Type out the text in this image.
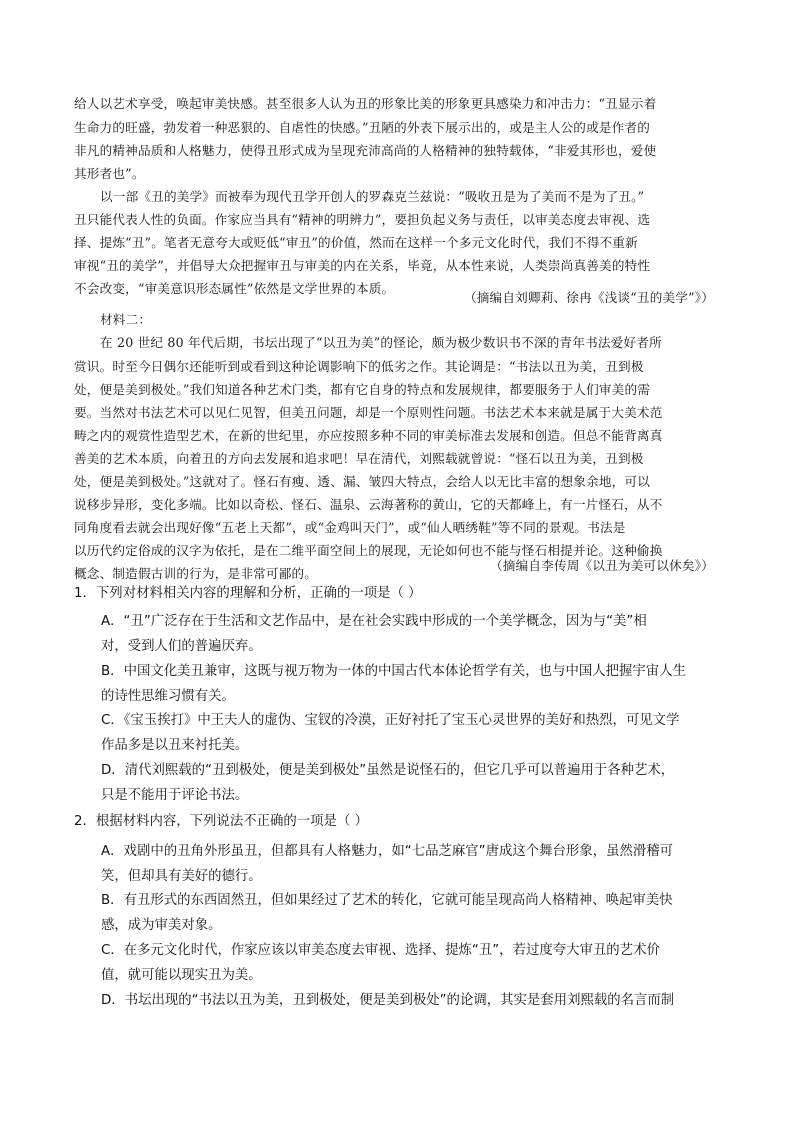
给人以艺术享受，唤起审美快感。甚至很多人认为丑的形象比美的形象更具感染力和冲击力：“丑显示着
生命力的旺盛，勃发着一种恶狠的、自虐性的快感。”丑陋的外表下展示出的，或是主人公的或是作者的
非凡的精神品质和人格魅力，使得丑形式成为呈现充沛高尚的人格精神的独特载体，“非爱其形也，爱使
其形者也”。
以一部《丑的美学》而被奉为现代丑学开创人的罗森克兰兹说：“吸收丑是为了美而不是为了丑。”
丑只能代表人性的负面。作家应当具有“精神的明辨力”，要担负起义务与责任，以审美态度去审视、选
择、提炼“丑”。笔者无意夸大或贬低“审丑”的价值，然而在这样一个多元文化时代，我们不得不重新
审视“丑的美学”，并倡导大众把握审丑与审美的内在关系，毕竟，从本性来说，人类崇尚真善美的特性
不会改变，“审美意识形态属性”依然是文学世界的本质。
（摘编自刘卿莉、徐冉《浅谈“丑的美学”》）
材料二：
在 20 世纪 80 年代后期，书坛出现了“以丑为美”的怪论，颇为极少数识书不深的青年书法爱好者所
赏识。时至今日偶尔还能听到或看到这种论调影响下的低劣之作。其论调是：“书法以丑为美，丑到极
处，便是美到极处。”我们知道各种艺术门类，都有它自身的特点和发展规律，都要服务于人们审美的需
要。当然对书法艺术可以见仁见智，但美丑问题，却是一个原则性问题。书法艺术本来就是属于大美术范
畴之内的观赏性造型艺术，在新的世纪里，亦应按照多种不同的审美标准去发展和创造。但总不能背离真
善美的艺术本质，向着丑的方向去发展和追求吧！早在清代，刘熙载就曾说：“怪石以丑为美，丑到极
处，便是美到极处。”这就对了。怪石有瘦、透、漏、皱四大特点，会给人以无比丰富的想象余地，可以
说移步异形，变化多端。比如以奇松、怪石、温泉、云海著称的黄山，它的天都峰上，有一片怪石，从不
同角度看去就会出现好像“五老上天都”，或“金鸡叫天门”，或“仙人晒绣鞋”等不同的景观。书法是
以历代约定俗成的汉字为依托，是在二维平面空间上的展现，无论如何也不能与怪石相提并论。这种偷换
概念、制造假古训的行为，是非常可鄙的。
（摘编自李传周《以丑为美可以休矣》）
1．下列对材料相关内容的理解和分析，正确的一项是（ ）
A．“丑”广泛存在于生活和文艺作品中，是在社会实践中形成的一个美学概念，因为与“美”相
对，受到人们的普遍厌弃。
B．中国文化美丑兼审，这既与视万物为一体的中国古代本体论哲学有关，也与中国人把握宇宙人生
的诗性思维习惯有关。
C．《宝玉挨打》中王夫人的虚伪、宝钗的冷漠，正好衬托了宝玉心灵世界的美好和热烈，可见文学
作品多是以丑来衬托美。
D．清代刘熙载的“丑到极处，便是美到极处”虽然是说怪石的，但它几乎可以普遍用于各种艺术，
只是不能用于评论书法。
2．根据材料内容，下列说法不正确的一项是（ ）
A．戏剧中的丑角外形虽丑，但都具有人格魅力，如“七品芝麻官”唐成这个舞台形象，虽然滑稽可
笑，但却具有美好的德行。
B．有丑形式的东西固然丑，但如果经过了艺术的转化，它就可能呈现高尚人格精神、唤起审美快
感，成为审美对象。
C．在多元文化时代，作家应该以审美态度去审视、选择、提炼“丑”，若过度夸大审丑的艺术价
值，就可能以现实丑为美。
D．书坛出现的“书法以丑为美，丑到极处，便是美到极处”的论调，其实是套用刘熙载的名言而制
